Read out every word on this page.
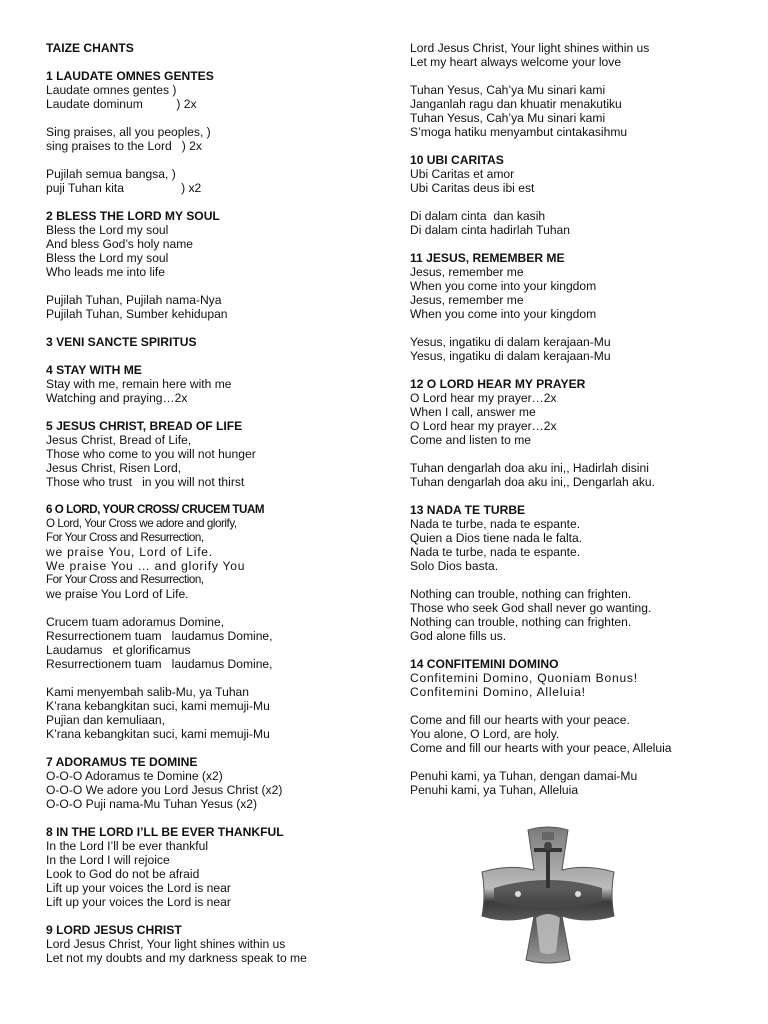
TAIZE CHANTS
1 LAUDATE OMNES GENTES
Laudate omnes gentes )
Laudate dominum          ) 2x

Sing praises, all you peoples, )
sing praises to the Lord   ) 2x

Pujilah semua bangsa, )
puji Tuhan kita                 ) x2
2 BLESS THE LORD MY SOUL
Bless the Lord my soul
And bless God’s holy name
Bless the Lord my soul
Who leads me into life

Pujilah Tuhan, Pujilah nama-Nya
Pujilah Tuhan, Sumber kehidupan
3 VENI SANCTE SPIRITUS
4 STAY WITH ME
Stay with me, remain here with me
Watching and praying…2x
5 JESUS CHRIST, BREAD OF LIFE
Jesus Christ, Bread of Life,
Those who come to you will not hunger
Jesus Christ, Risen Lord,
Those who trust   in you will not thirst
6 O LORD, YOUR CROSS/ CRUCEM TUAM
O Lord, Your Cross we adore and glorify,
For Your Cross and Resurrection,
we praise You, Lord of Life.
We praise You … and glorify You
For Your Cross and Resurrection,
we praise You Lord of Life.

Crucem tuam adoramus Domine,
Resurrectionem tuam   laudamus Domine,
Laudamus   et glorificamus
Resurrectionem tuam   laudamus Domine,

Kami menyembah salib-Mu, ya Tuhan
K’rana kebangkitan suci, kami memuji-Mu
Pujian dan kemuliaan,
K’rana kebangkitan suci, kami memuji-Mu
7 ADORAMUS TE DOMINE
O-O-O Adoramus te Domine (x2)
O-O-O We adore you Lord Jesus Christ (x2)
O-O-O Puji nama-Mu Tuhan Yesus (x2)
8 IN THE LORD I’LL BE EVER THANKFUL
In the Lord I’ll be ever thankful
In the Lord I will rejoice
Look to God do not be afraid
Lift up your voices the Lord is near
Lift up your voices the Lord is near
9 LORD JESUS CHRIST
Lord Jesus Christ, Your light shines within us
Let not my doubts and my darkness speak to me
Lord Jesus Christ, Your light shines within us
Let my heart always welcome your love

Tuhan Yesus, Cah’ya Mu sinari kami
Janganlah ragu dan khuatir menakutiku
Tuhan Yesus, Cah’ya Mu sinari kami
S’moga hatiku menyambut cintakasihmu
10 UBI CARITAS
Ubi Caritas et amor
Ubi Caritas deus ibi est

Di dalam cinta  dan kasih
Di dalam cinta hadirlah Tuhan
11 JESUS, REMEMBER ME
Jesus, remember me
When you come into your kingdom
Jesus, remember me
When you come into your kingdom

Yesus, ingatiku di dalam kerajaan-Mu
Yesus, ingatiku di dalam kerajaan-Mu
12 O LORD HEAR MY PRAYER
O Lord hear my prayer…2x
When I call, answer me
O Lord hear my prayer…2x
Come and listen to me

Tuhan dengarlah doa aku ini,, Hadirlah disini
Tuhan dengarlah doa aku ini,, Dengarlah aku.
13 NADA TE TURBE
Nada te turbe, nada te espante.
Quien a Dios tiene nada le falta.
Nada te turbe, nada te espante.
Solo Dios basta.

Nothing can trouble, nothing can frighten.
Those who seek God shall never go wanting.
Nothing can trouble, nothing can frighten.
God alone fills us.
14 CONFITEMINI DOMINO
Confitemini Domino, Quoniam Bonus!
Confitemini Domino, Alleluia!

Come and fill our hearts with your peace.
You alone, O Lord, are holy.
Come and fill our hearts with your peace, Alleluia

Penuhi kami, ya Tuhan, dengan damai-Mu
Penuhi kami, ya Tuhan, Alleluia
